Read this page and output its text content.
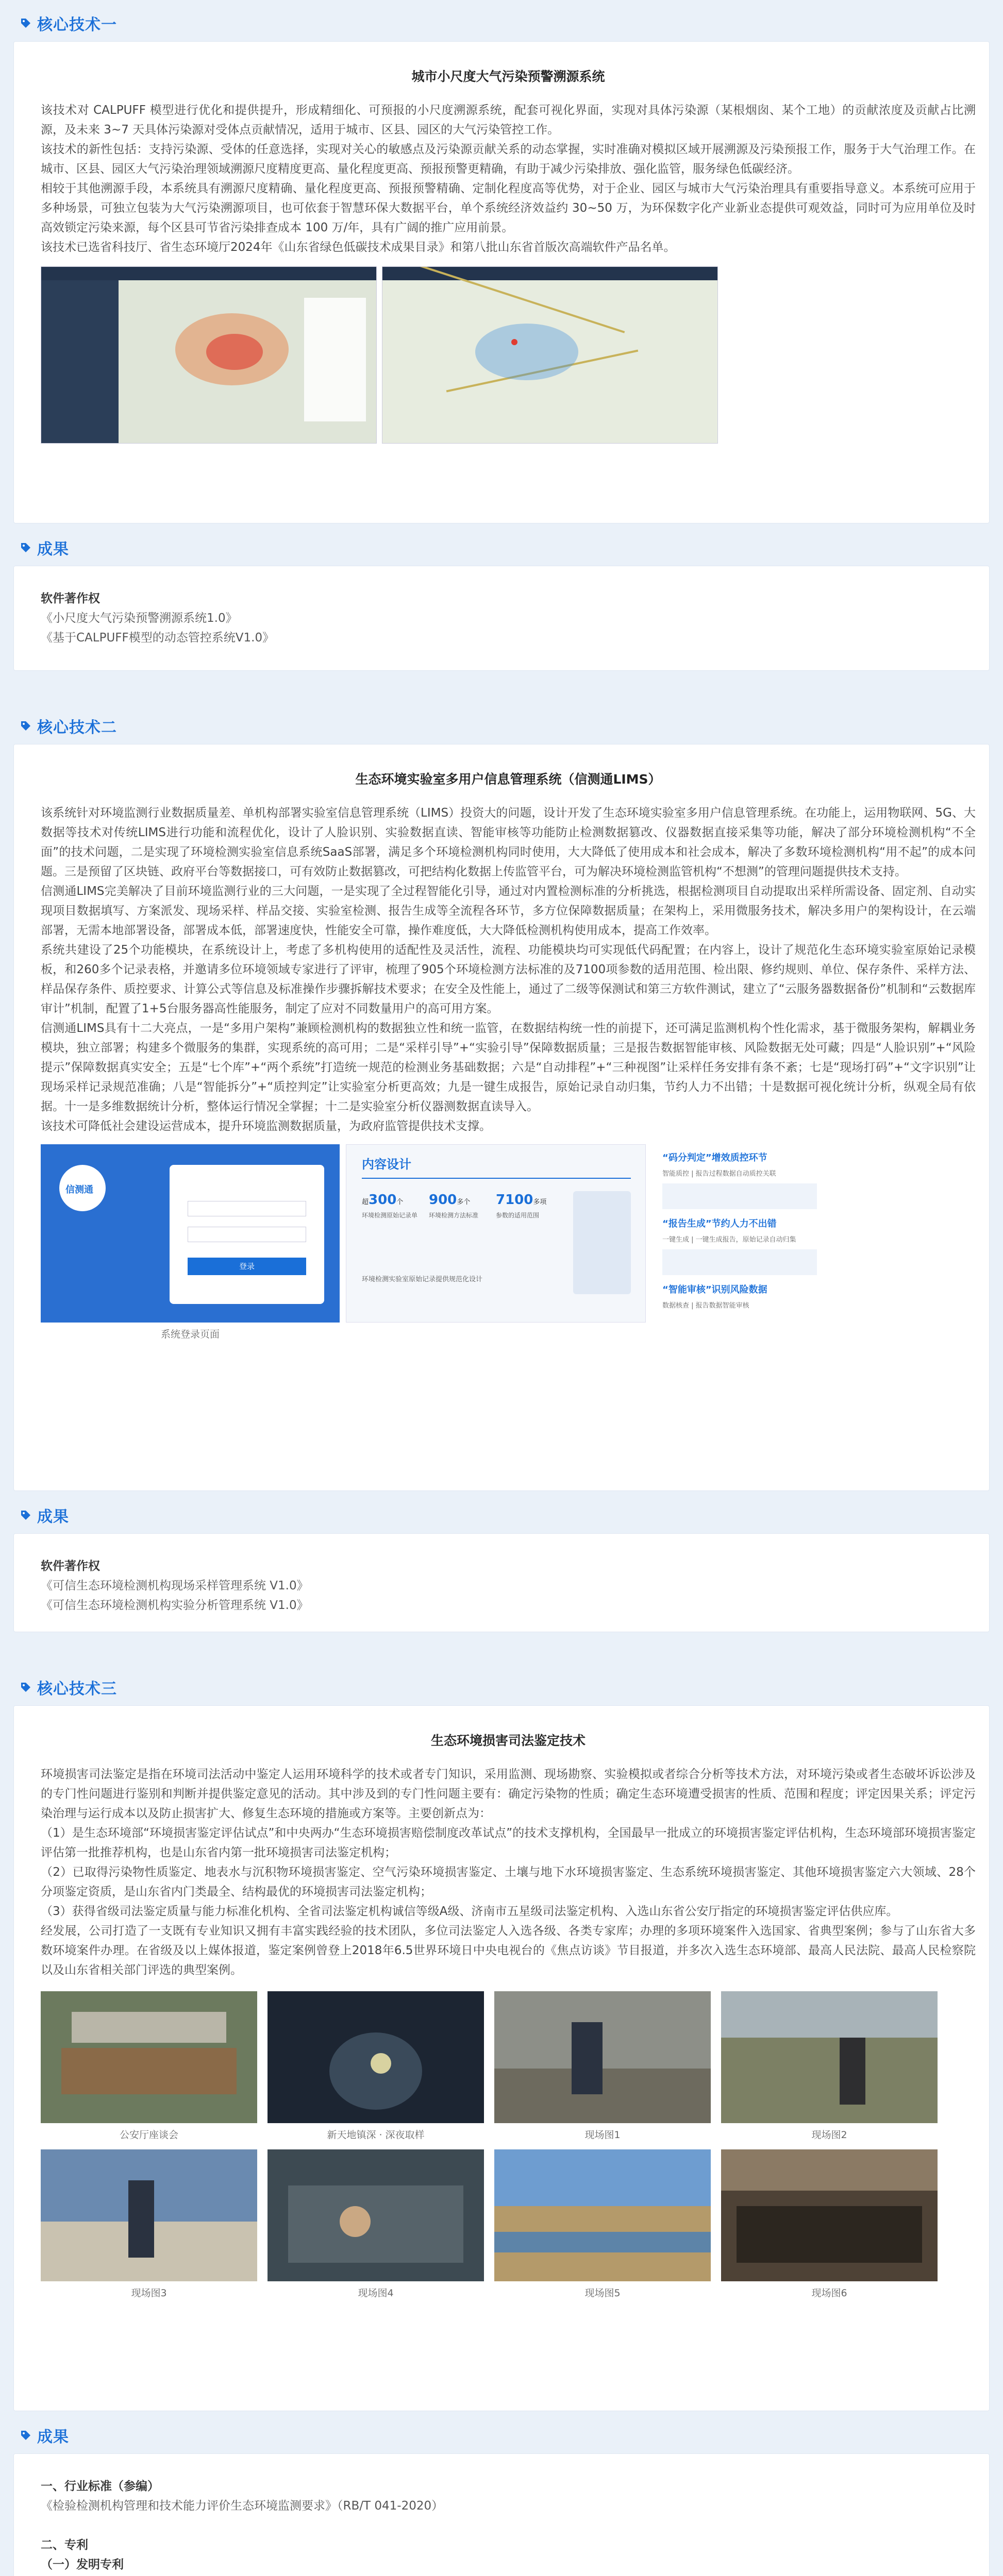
核心技术一
城市小尺度大气污染预警溯源系统

该技术对 CALPUFF 模型进行优化和提供提升，形成精细化、可预报的小尺度溯源系统，配套可视化界面，实现对具体污染源（某根烟囱、某个工地）的贡献浓度及贡献占比溯源，及未来 3~7 天具体污染源对受体点贡献情况，适用于城市、区县、园区的大气污染管控工作。

该技术的新性包括：支持污染源、受体的任意选择，实现对关心的敏感点及污染源贡献关系的动态掌握，实时准确对模拟区域开展溯源及污染预报工作，服务于大气治理工作。在城市、区县、园区大气污染治理领域溯源尺度精度更高、量化程度更高、预报预警更精确，有助于减少污染排放、强化监管，服务绿色低碳经济。

相较于其他溯源手段，本系统具有溯源尺度精确、量化程度更高、预报预警精确、定制化程度高等优势，对于企业、园区与城市大气污染治理具有重要指导意义。本系统可应用于多种场景，可独立包装为大气污染溯源项目，也可依套于智慧环保大数据平台，单个系统经济效益约 30~50 万，为环保数字化产业新业态提供可观效益，同时可为应用单位及时高效锁定污染来源，每个区县可节省污染排查成本 100 万/年，具有广阔的推广应用前景。

该技术已选省科技厅、省生态环境厅2024年《山东省绿色低碳技术成果目录》和第八批山东省首版次高端软件产品名单。

成果
软件著作权
《小尺度大气污染预警溯源系统1.0》
《基于CALPUFF模型的动态管控系统V1.0》
核心技术二
生态环境实验室多用户信息管理系统（信测通LIMS）

该系统针对环境监测行业数据质量差、单机构部署实验室信息管理系统（LIMS）投资大的问题，设计开发了生态环境实验室多用户信息管理系统。在功能上，运用物联网、5G、大数据等技术对传统LIMS进行功能和流程优化，设计了人脸识别、实验数据直读、智能审核等功能防止检测数据篡改、仪器数据直接采集等功能，解决了部分环境检测机构“不全面”的技术问题，二是实现了环境检测实验室信息系统SaaS部署，满足多个环境检测机构同时使用，大大降低了使用成本和社会成本，解决了多数环境检测机构“用不起”的成本问题。三是预留了区块链、政府平台等数据接口，可有效防止数据篡改，可把结构化数据上传监管平台，可为解决环境检测监管机构“不想测”的管理问题提供技术支持。

信测通LIMS完美解决了目前环境监测行业的三大问题，一是实现了全过程智能化引导，通过对内置检测标准的分析挑选，根据检测项目自动提取出采样所需设备、固定剂、自动实现项目数据填写、方案派发、现场采样、样品交接、实验室检测、报告生成等全流程各环节，多方位保障数据质量；在架构上，采用微服务技术，解决多用户的架构设计，在云端部署，无需本地部署设备，部署成本低，部署速度快，性能安全可靠，操作难度低，大大降低检测机构使用成本，提高工作效率。

系统共建设了25个功能模块，在系统设计上，考虑了多机构使用的适配性及灵活性，流程、功能模块均可实现低代码配置；在内容上，设计了规范化生态环境实验室原始记录模板，和260多个记录表格，并邀请多位环境领域专家进行了评审，梳理了905个环境检测方法标准的及7100项参数的适用范围、检出限、修约规则、单位、保存条件、采样方法、样品保存条件、质控要求、计算公式等信息及标准操作步骤拆解技术要求；在安全及性能上，通过了二级等保测试和第三方软件测试，建立了“云服务器数据备份”机制和“云数据库审计”机制，配置了1+5台服务器高性能服务，制定了应对不同数量用户的高可用方案。

信测通LIMS具有十二大亮点，一是“多用户架构”兼顾检测机构的数据独立性和统一监管，在数据结构统一性的前提下，还可满足监测机构个性化需求，基于微服务架构，解耦业务模块，独立部署；构建多个微服务的集群，实现系统的高可用；二是“采样引导”+“实验引导”保障数据质量；三是报告数据智能审核、风险数据无处可藏；四是“人脸识别”+“风险提示”保障数据真实安全；五是“七个库”+“两个系统”打造统一规范的检测业务基础数据；六是“自动排程”+“三种视图”让采样任务安排有条不紊；七是“现场打码”+“文字识别”让现场采样记录规范准确；八是“智能拆分”+“质控判定”让实验室分析更高效；九是一键生成报告，原始记录自动归集，节约人力不出错；十是数据可视化统计分析，纵观全局有依据。十一是多维数据统计分析，整体运行情况全掌握；十二是实验室分析仪器测数据直读导入。

该技术可降低社会建设运营成本，提升环境监测数据质量，为政府监管提供技术支撑。

信测通
登录
系统登录页面
内容设计
超300个
环境检测原始记录单
900多个
环境检测方法标准
7100多项
参数的适用范围
环境检测实验室原始记录提供规范化设计
“码分判定”增效质控环节
智能质控 | 报告过程数据自动质控关联
“报告生成”节约人力不出错
一键生成 | 一键生成报告，原始记录自动归集
“智能审核”识别风险数据
数据核查 | 报告数据智能审核
成果
软件著作权
《可信生态环境检测机构现场采样管理系统 V1.0》
《可信生态环境检测机构实验分析管理系统 V1.0》
核心技术三
生态环境损害司法鉴定技术

环境损害司法鉴定是指在环境司法活动中鉴定人运用环境科学的技术或者专门知识，采用监测、现场勘察、实验模拟或者综合分析等技术方法，对环境污染或者生态破坏诉讼涉及的专门性问题进行鉴别和判断并提供鉴定意见的活动。其中涉及到的专门性问题主要有：确定污染物的性质；确定生态环境遭受损害的性质、范围和程度；评定因果关系；评定污染治理与运行成本以及防止损害扩大、修复生态环境的措施或方案等。主要创新点为：

（1）是生态环境部“环境损害鉴定评估试点”和中央两办“生态环境损害赔偿制度改革试点”的技术支撑机构，全国最早一批成立的环境损害鉴定评估机构，生态环境部环境损害鉴定评估第一批推荐机构，也是山东省内第一批环境损害司法鉴定机构；

（2）已取得污染物性质鉴定、地表水与沉积物环境损害鉴定、空气污染环境损害鉴定、土壤与地下水环境损害鉴定、生态系统环境损害鉴定、其他环境损害鉴定六大领域、28个分项鉴定资质，是山东省内门类最全、结构最优的环境损害司法鉴定机构；

（3）获得省级司法鉴定质量与能力标准化机构、全省司法鉴定机构诚信等级A级、济南市五星级司法鉴定机构、入选山东省公安厅指定的环境损害鉴定评估供应库。

经发展，公司打造了一支既有专业知识又拥有丰富实践经验的技术团队，多位司法鉴定人入选各级、各类专家库；办理的多项环境案件入选国家、省典型案例；参与了山东省大多数环境案件办理。在省级及以上媒体报道，鉴定案例曾登上2018年6.5世界环境日中央电视台的《焦点访谈》节目报道，并多次入选生态环境部、最高人民法院、最高人民检察院以及山东省相关部门评选的典型案例。

公安厅座谈会	新天地镇深 · 深夜取样	现场图1	现场图2
现场图3	现场图4	现场图5	现场图6
成果
一、行业标准（参编）
《检验检测机构管理和技术能力评价生态环境监测要求》（RB/T 041-2020）
二、专利
（一）发明专利
